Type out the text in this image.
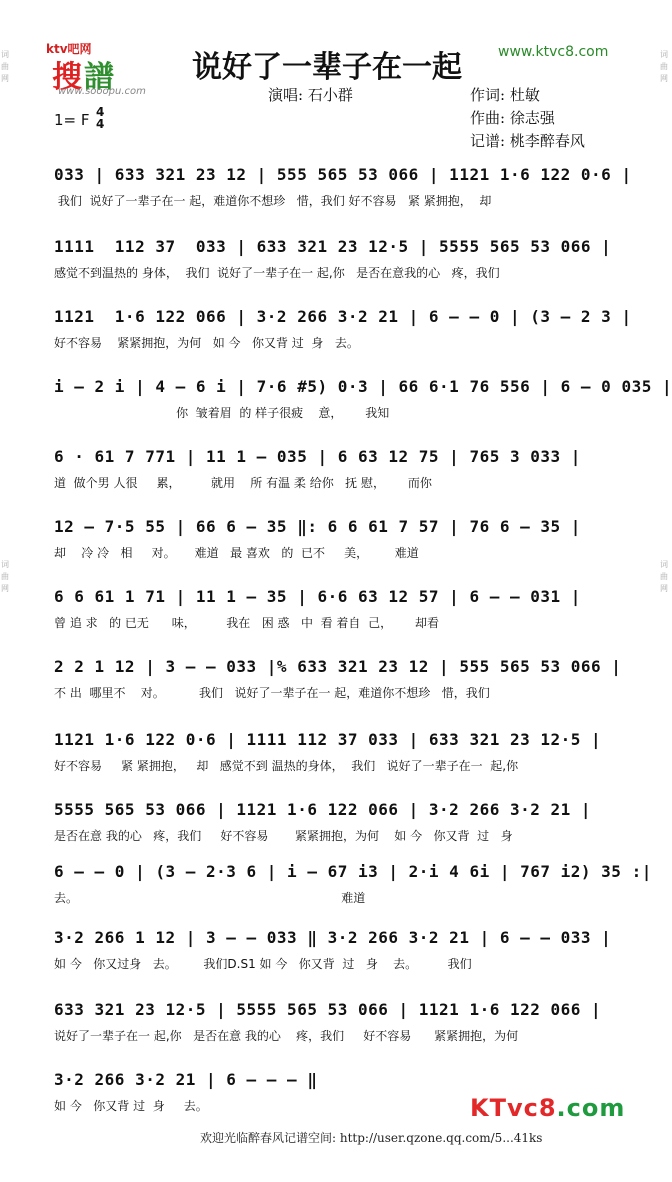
词
曲
网
词
曲
网
词
曲
网
词
曲
网
ktv吧网
搜譜
www.sooopu.com
说好了一辈子在一起	www.ktvc8.com
演唱: 石小群	作词: 杜敏
作曲: 徐志强
记谱: 桃李醉春风
1= F 4
4
033 | 633 321 23 12 | 555 565 53 066 | 1121 1·6 122 0·6 |
我们  说好了一辈子在一 起，难道你不想珍   惜，我们 好不容易   紧 紧拥抱，  却
1111  112 37  033 | 633 321 23 12·5 | 5555 565 53 066 |
感觉不到温热的 身体，  我们  说好了一辈子在一 起,你   是否在意我的心   疼，我们
1121  1·6 122 066 | 3·2 266 3·2 21 | 6 – – 0 | (3 – 2 3 |
好不容易    紧紧拥抱，为何   如 今   你又背 过  身   去。
i – 2 i | 4 – 6 i | 7·6 #5) 0·3 | 66 6·1 76 556 | 6 – 0 035 |
你  皱着眉  的 样子很疲    意，      我知
6 · 61 7 771 | 11 1 – 035 | 6 63 12 75 | 765 3 033 |
道  做个男 人很     累，        就用    所 有温 柔 给你   抚 慰，      而你
12 – 7·5 55 | 66 6 – 35 ‖: 6 6 61 7 57 | 76 6 – 35 |
却    冷 冷   相     对。     难道   最 喜欢   的  已不     美，       难道
6 6 61 1 71 | 11 1 – 35 | 6·6 63 12 57 | 6 – – 031 |
曾 追 求   的 已无      味，        我在   困 惑   中  看 着自  己，      却看
2 2 1 12 | 3 – – 033 |% 633 321 23 12 | 555 565 53 066 |
不 出  哪里不    对。         我们   说好了一辈子在一 起，难道你不想珍   惜，我们
1121 1·6 122 0·6 | 1111 112 37 033 | 633 321 23 12·5 |
好不容易     紧 紧拥抱，   却   感觉不到 温热的身体，  我们   说好了一辈子在一  起,你
5555 565 53 066 | 1121 1·6 122 066 | 3·2 266 3·2 21 |
是否在意 我的心   疼，我们     好不容易       紧紧拥抱，为何    如 今   你又背  过   身
6 – – 0 | (3 – 2·3 6 | i – 67 i3 | 2·i 4 6i | 767 i2) 35 :|
去。                                                                     难道
3·2 266 1 12 | 3 – – 033 ‖ 3·2 266 3·2 21 | 6 – – 033 |
如 今   你又过身   去。       我们D.S1 如 今   你又背  过   身    去。        我们
633 321 23 12·5 | 5555 565 53 066 | 1121 1·6 122 066 |
说好了一辈子在一 起,你   是否在意 我的心    疼，我们     好不容易      紧紧拥抱，为何
3·2 266 3·2 21 | 6 – – – ‖
如 今   你又背 过  身     去。	KTvc8.com
欢迎光临醉春风记谱空间: http://user.qzone.qq.com/5...41ks
